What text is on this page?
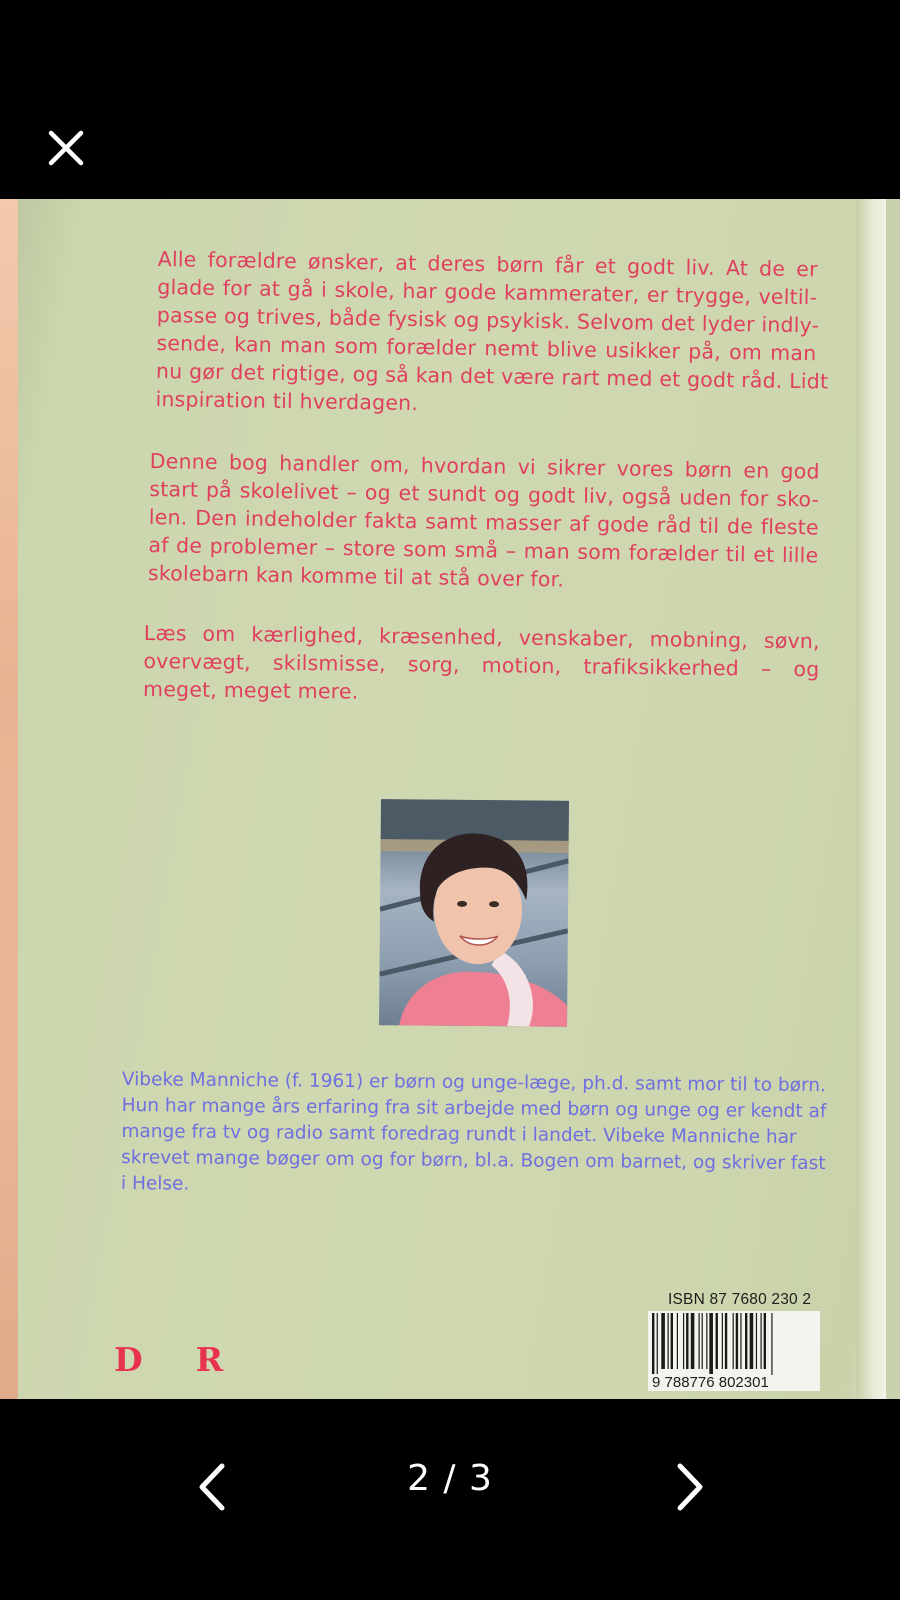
Alle forældre ønsker, at deres børn får et godt liv. At de er
glade for at gå i skole, har gode kammerater, er trygge, veltil-
passe og trives, både fysisk og psykisk. Selvom det lyder indly-
sende, kan man som forælder nemt blive usikker på, om man
nu gør det rigtige, og så kan det være rart med et godt råd. Lidt
inspiration til hverdagen.

Denne bog handler om, hvordan vi sikrer vores børn en god
start på skolelivet – og et sundt og godt liv, også uden for sko-
len. Den indeholder fakta samt masser af gode råd til de fleste
af de problemer – store som små – man som forælder til et lille
skolebarn kan komme til at stå over for.

Læs om kærlighed, kræsenhed, venskaber, mobning, søvn,
overvægt, skilsmisse, sorg, motion, trafiksikkerhed – og
meget, meget mere.

Vibeke Manniche (f. 1961) er børn og unge-læge, ph.d. samt mor til to børn.
Hun har mange års erfaring fra sit arbejde med børn og unge og er kendt af
mange fra tv og radio samt foredrag rundt i landet. Vibeke Manniche har
skrevet mange bøger om og for børn, bl.a. Bogen om barnet, og skriver fast
i Helse.

DR
ISBN 87 7680 230 2
9 788776 802301
2 / 3
